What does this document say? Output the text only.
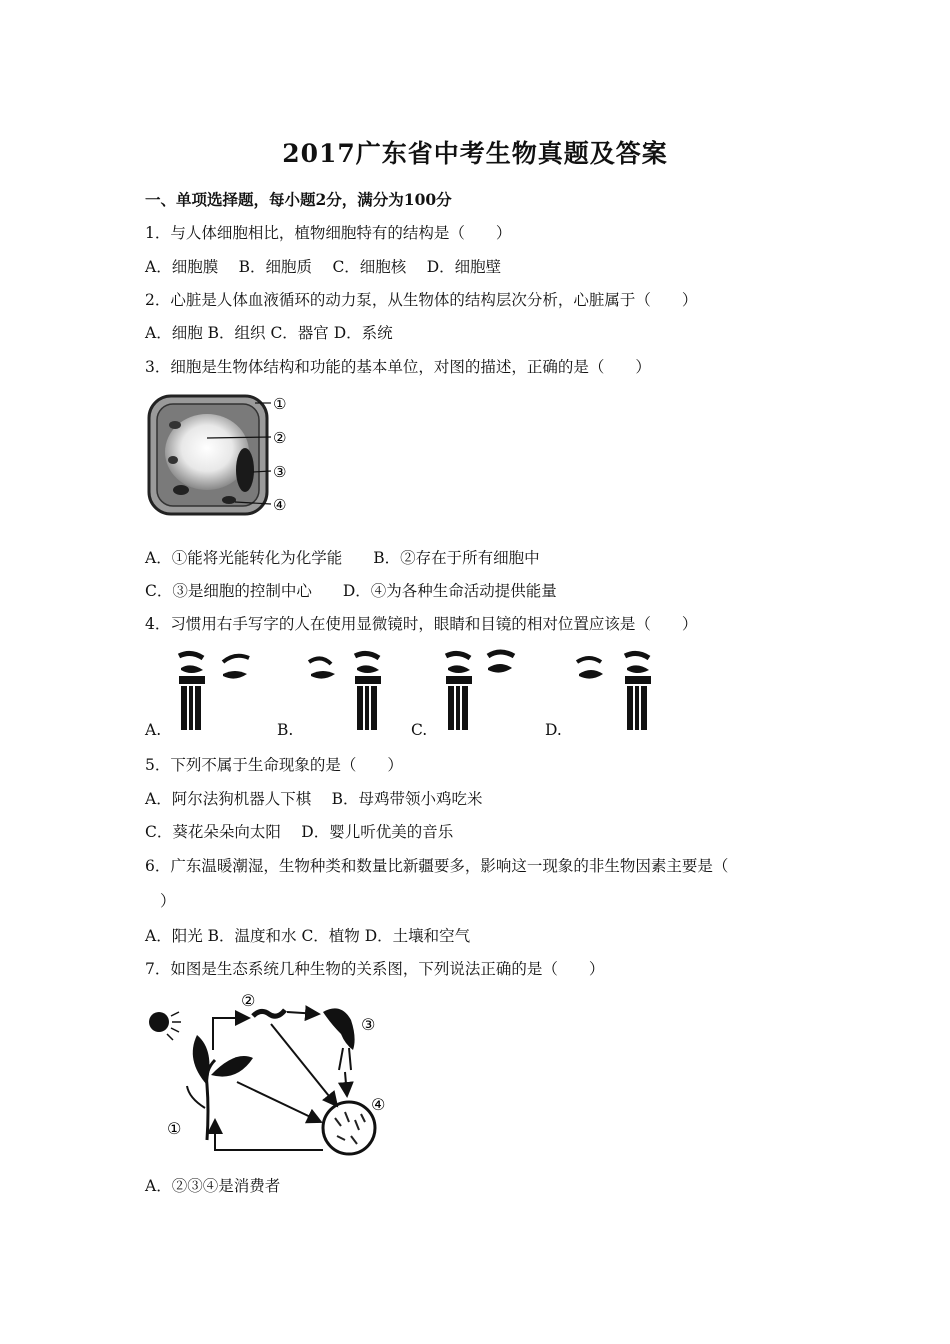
2017广东省中考生物真题及答案
一、单项选择题，每小题2分，满分为100分
1．与人体细胞相比，植物细胞特有的结构是（　　）
A．细胞膜　 B．细胞质　 C．细胞核　 D．细胞壁
2．心脏是人体血液循环的动力泵，从生物体的结构层次分析，心脏属于（　　）
A．细胞 B．组织 C．器官 D．系统
3．细胞是生物体结构和功能的基本单位，对图的描述，正确的是（　　）
①
②
③
④
A．①能将光能转化为化学能　　B．②存在于所有细胞中
C．③是细胞的控制中心　　D．④为各种生命活动提供能量
4．习惯用右手写字的人在使用显微镜时，眼睛和目镜的相对位置应该是（　　）
A.	B.	C.	D.
5．下列不属于生命现象的是（　　）
A．阿尔法狗机器人下棋　 B．母鸡带领小鸡吃米
C．葵花朵朵向太阳　 D．婴儿听优美的音乐
6．广东温暖潮湿，生物种类和数量比新疆要多，影响这一现象的非生物因素主要是（
）
A．阳光 B．温度和水 C．植物 D．土壤和空气
7．如图是生态系统几种生物的关系图，下列说法正确的是（　　）
①
②
③
④
A．②③④是消费者
